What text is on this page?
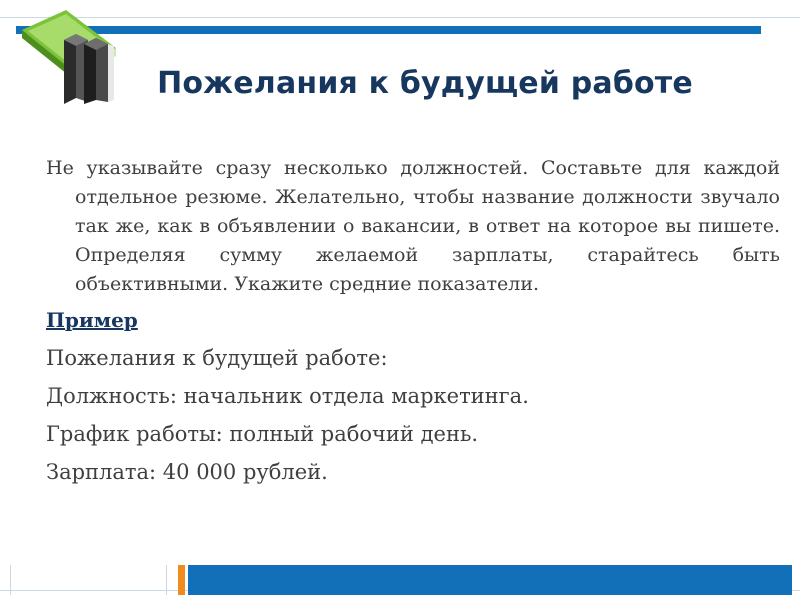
Пожелания к будущей работе

Не указывайте сразу несколько должностей. Составьте для каждой отдельное резюме. Желательно, чтобы название должности звучало так же, как в объявлении о вакансии, в ответ на которое вы пишете. Определяя сумму желаемой зарплаты, старайтесь быть объективными. Укажите средние показатели.

Пример
Пожелания к будущей работе:
Должность: начальник отдела маркетинга.
График работы: полный рабочий день.
Зарплата: 40 000 рублей.
